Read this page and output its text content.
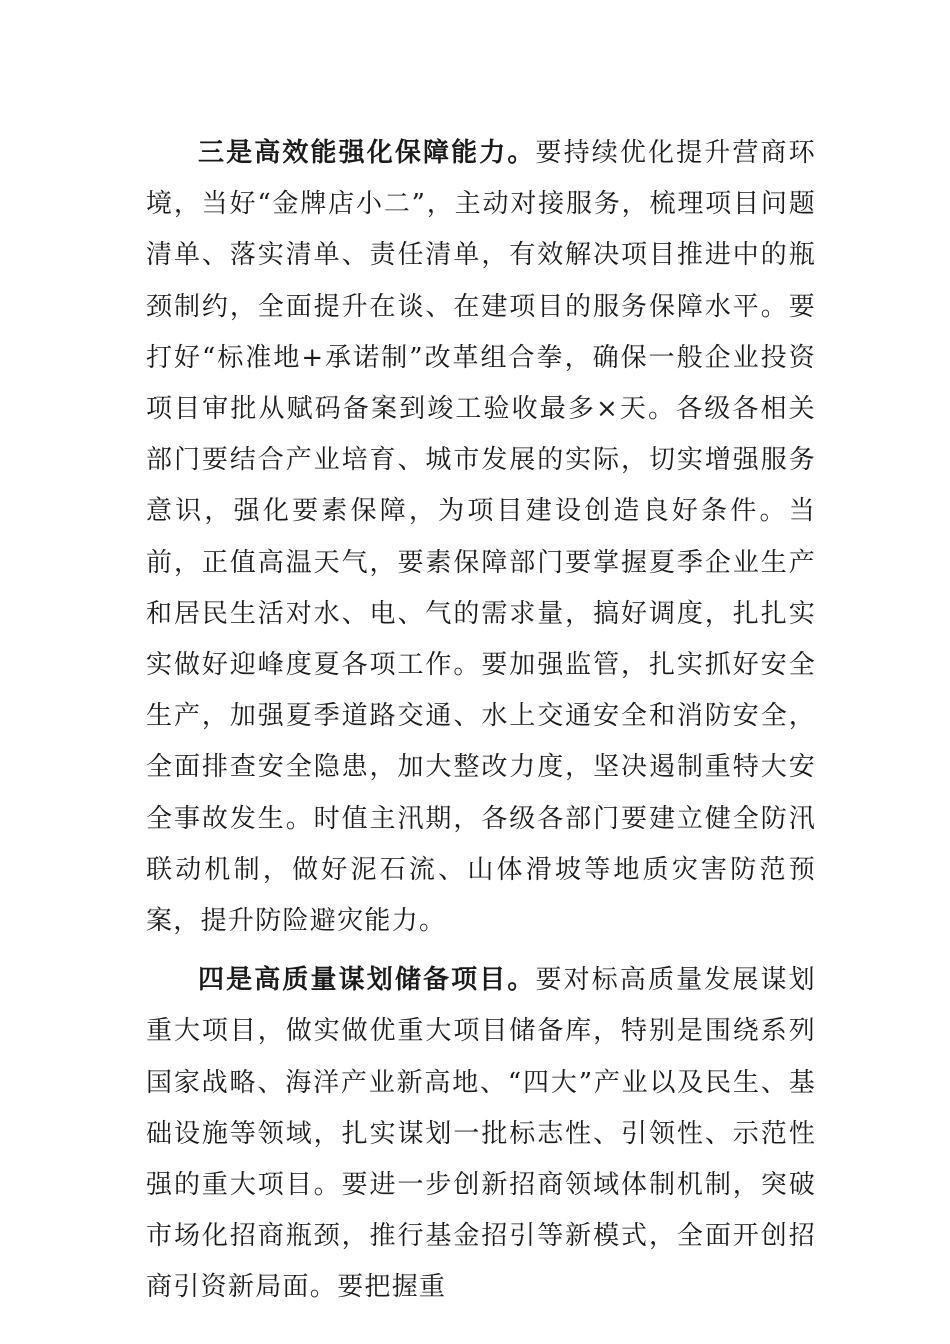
三是高效能强化保障能力。要持续优化提升营商环境，当好“金牌店小二”，主动对接服务，梳理项目问题清单、落实清单、责任清单，有效解决项目推进中的瓶颈制约，全面提升在谈、在建项目的服务保障水平。要打好“标准地+承诺制”改革组合拳，确保一般企业投资项目审批从赋码备案到竣工验收最多×天。各级各相关部门要结合产业培育、城市发展的实际，切实增强服务意识，强化要素保障，为项目建设创造良好条件。当前，正值高温天气，要素保障部门要掌握夏季企业生产和居民生活对水、电、气的需求量，搞好调度，扎扎实实做好迎峰度夏各项工作。要加强监管，扎实抓好安全生产，加强夏季道路交通、水上交通安全和消防安全，全面排查安全隐患，加大整改力度，坚决遏制重特大安全事故发生。时值主汛期，各级各部门要建立健全防汛联动机制，做好泥石流、山体滑坡等地质灾害防范预案，提升防险避灾能力。

四是高质量谋划储备项目。要对标高质量发展谋划重大项目，做实做优重大项目储备库，特别是围绕系列国家战略、海洋产业新高地、“四大”产业以及民生、基础设施等领域，扎实谋划一批标志性、引领性、示范性强的重大项目。要进一步创新招商领域体制机制，突破市场化招商瓶颈，推行基金招引等新模式，全面开创招商引资新局面。要把握重
